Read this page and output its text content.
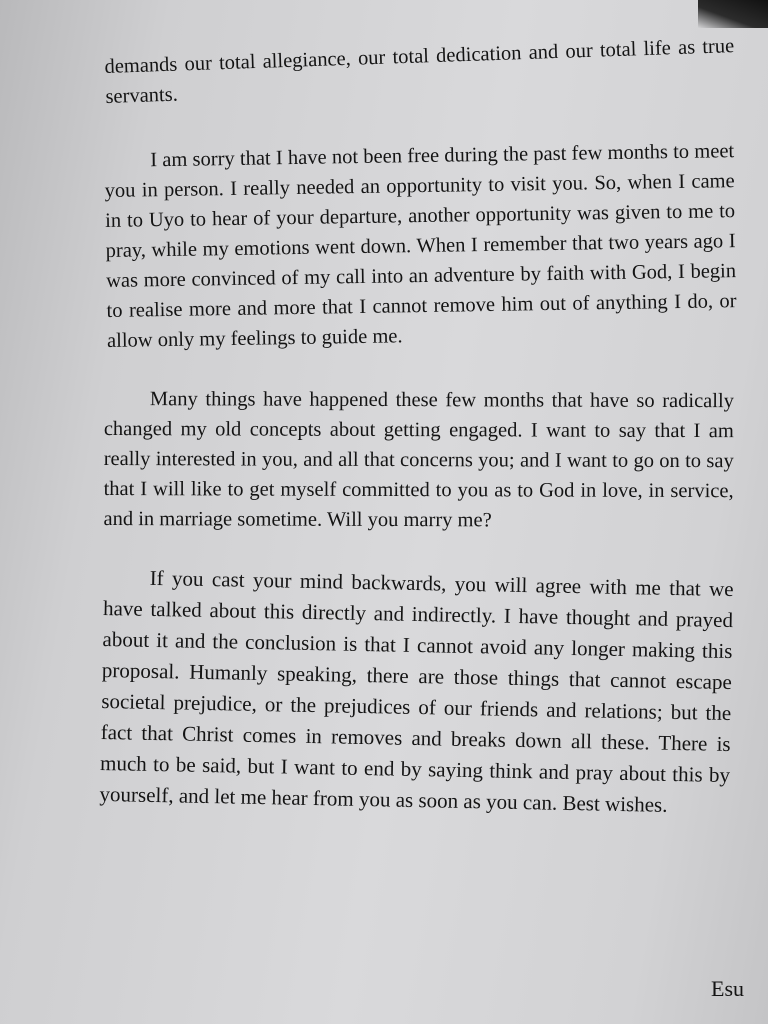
demands our total allegiance, our total dedication and our total life as true servants.

I am sorry that I have not been free during the past few months to meet you in person. I really needed an opportunity to visit you. So, when I came in to Uyo to hear of your departure, another opportunity was given to me to pray, while my emotions went down. When I remember that two years ago I was more convinced of my call into an adventure by faith with God, I begin to realise more and more that I cannot remove him out of anything I do, or allow only my feelings to guide me.

Many things have happened these few months that have so radically changed my old concepts about getting engaged. I want to say that I am really interested in you, and all that concerns you; and I want to go on to say that I will like to get myself committed to you as to God in love, in service, and in marriage sometime. Will you marry me?

If you cast your mind backwards, you will agree with me that we have talked about this directly and indirectly. I have thought and prayed about it and the conclusion is that I cannot avoid any longer making this proposal. Humanly speaking, there are those things that cannot escape societal prejudice, or the prejudices of our friends and relations; but the fact that Christ comes in removes and breaks down all these. There is much to be said, but I want to end by saying think and pray about this by yourself, and let me hear from you as soon as you can. Best wishes.

Esu
